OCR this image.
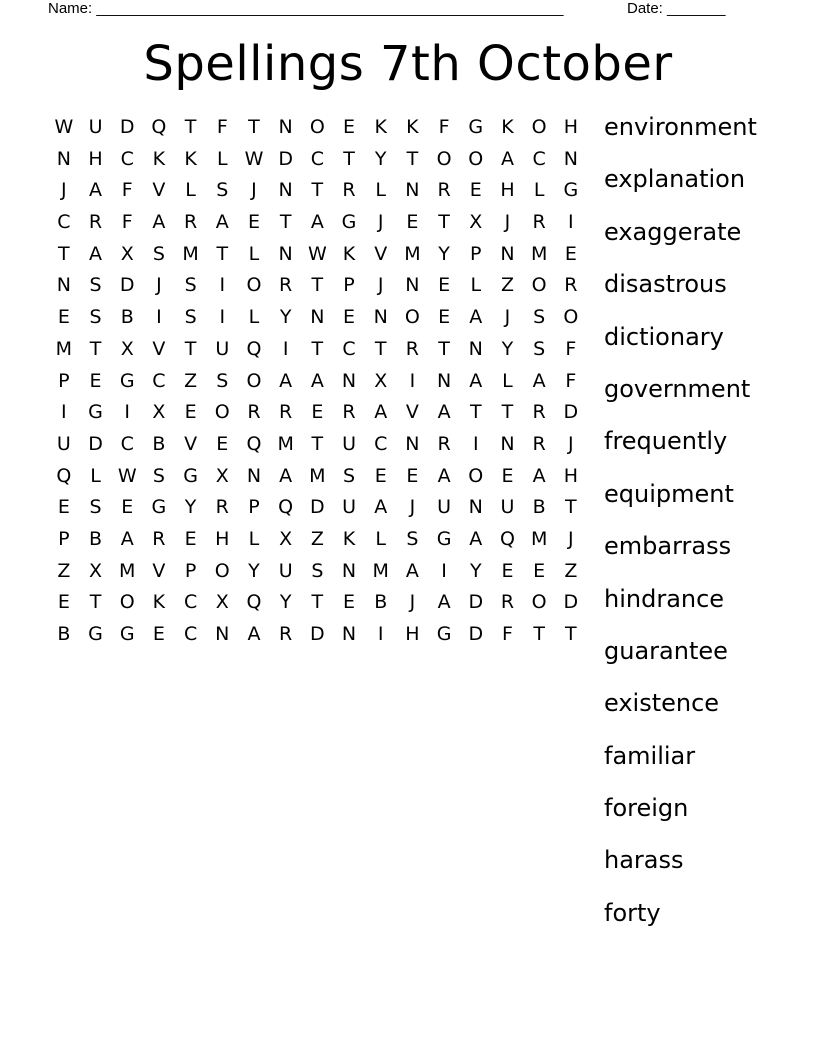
Name: ________________________________________________________	Date: _______
Spellings 7th October
W U D Q T	F	T N O E	K	K	F G K O H
N H C K	K	L W D C	T	Y	T O O A C N
J	A	F	V	L	S	J	N T	R	L	N R	E H	L	G
C R	F	A R A	E	T	A G	J	E	T	X	J	R	I
T	A X	S M T	L	N W K V M Y	P N M E
N S D	J	S	I	O R	T	P	J	N E	L	Z O R
E	S	B	I	S	I	L	Y N E N O E	A	J	S O
M T	X V	T U Q	I	T	C	T	R	T N Y	S	F
P	E G C Z	S O A A N X	I	N A	L	A	F
I	G	I	X	E O R R	E	R A V A	T	T	R D
U D C B V	E Q M T U C N R	I	N R	J
Q L W S G X N A M S	E	E	A O E	A H
E	S	E G Y	R	P Q D U A	J	U N U B	T
P	B A R	E H	L	X Z K	L	S G A Q M	J
Z X M V	P O Y U S N M A	I	Y	E	E	Z
E	T O K C X Q Y	T	E	B	J	A D R O D
B G G E	C N A R D N	I	H G D F	T	T
environment
explanation
exaggerate
disastrous
dictionary
government
frequently
equipment
embarrass
hindrance
guarantee
existence
familiar
foreign
harass
forty
